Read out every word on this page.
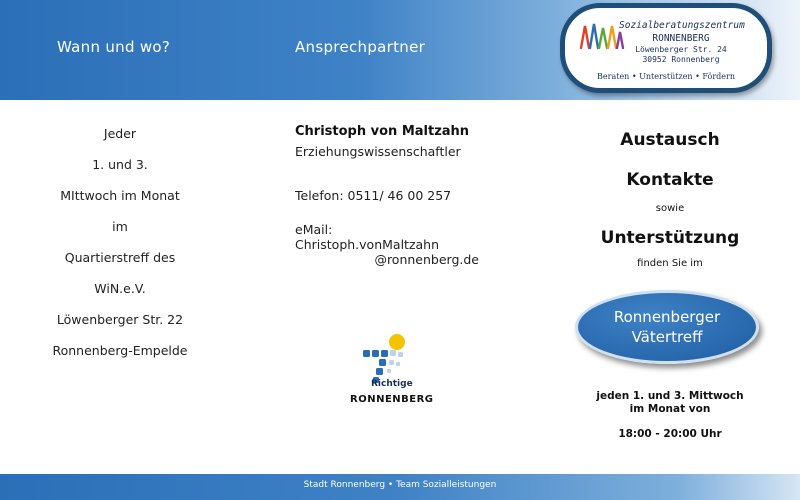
Wann und wo?	Ansprechpartner
Sozialberatungszentrum
RONNENBERG
Löwenberger Str. 24
30952 Ronnenberg
Beraten • Unterstützen • Fördern
Jeder
1. und 3.
MIttwoch im Monat
im
Quartierstreff des
WiN.e.V.
Löwenberger Str. 22
Ronnenberg-Empelde
Christoph von Maltzahn
Erziehungswissenschaftler
Telefon: 0511/ 46 00 257
eMail:
Christoph.vonMaltzahn
@ronnenberg.de
Richtige
RONNENBERG
Austausch
Kontakte
sowie
Unterstützung
finden Sie im
Ronnenberger
Vätertreff
jeden 1. und 3. Mittwoch
im Monat von
18:00 - 20:00 Uhr
Stadt Ronnenberg • Team Sozialleistungen
